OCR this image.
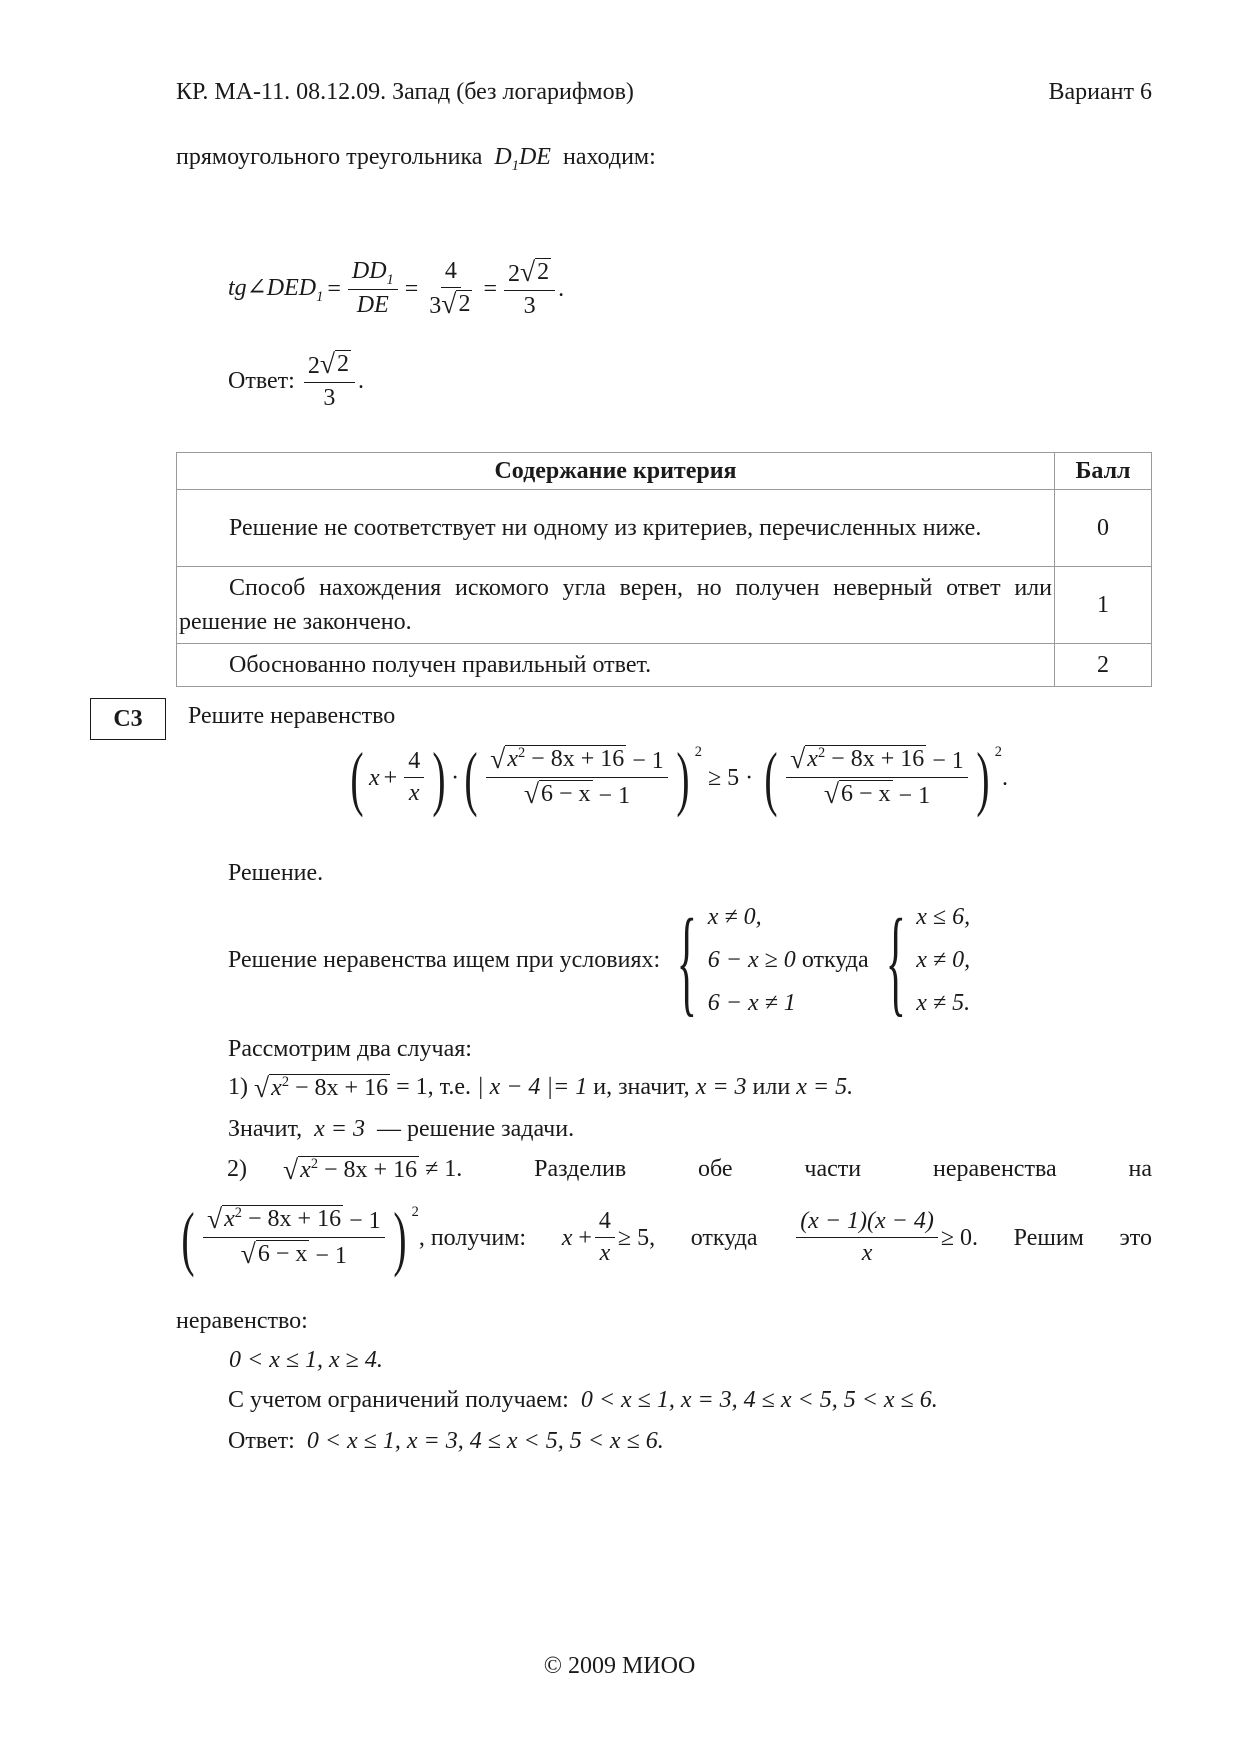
КР. МА-11. 08.12.09. Запад (без логарифмов)	Вариант 6
прямоугольного треугольника $D_1DE$ находим:
$tg\angle DED_1 = \frac{DD_1}{DE} = \frac{4}{3 √ 2} = \frac{2 √ 2}{3}$ .
Ответ:
$\frac{2 √ 2}{3}$ .
Содержание критерия	Балл
Решение не соответствует ни одному из критериев, перечисленных ниже.	0
Способ нахождения искомого угла верен, но получен неверный ответ или решение не закончено.	1
Обоснованно получен правильный ответ.	2
C3	Решите неравенство
( $x + \frac{4}{x}$ ) · ( $\frac{√ x^2 - 8x + 16 - 1}{√ 6 - x - 1}$ ) $^2$
≥ 5 · ( $\frac{√ x^2 - 8x + 16 - 1}{√ 6 - x - 1}$ ) $^2$
.
Решение.
Решение неравенства ищем при условиях:
{ x ≠ 0,
6 − x ≥ 0
6 − x ≠ 1

откуда
{ x ≤ 6,
x ≠ 0,
x ≠ 5.
Рассмотрим два случая:
1)
√ $x^2 - 8x + 16$
= 1, т.е.
| x − 4 |= 1
и, значит,
x = 3
или
x = 5.
Значит, x = 3 — решение задачи.
2)
√ $x^2 - 8x + 16$
≠ 1.	Разделив	обе	части	неравенства	на
( $\frac{√ x^2 - 8x + 16 - 1}{√ 6 - x - 1}$ ) $^2$
, получим: x
+ $\frac{4}{x} \ge 5$, откуда $\frac{(x - 1)(x - 4)}{x} \ge 0$. Решим это
неравенство:
0 < x ≤ 1, x ≥ 4.
С учетом ограничений получаем: 0 < x ≤ 1, x = 3, 4 ≤ x < 5, 5 < x ≤ 6.
Ответ: 0 < x ≤ 1, x = 3, 4 ≤ x < 5, 5 < x ≤ 6.
© 2009 МИОО
